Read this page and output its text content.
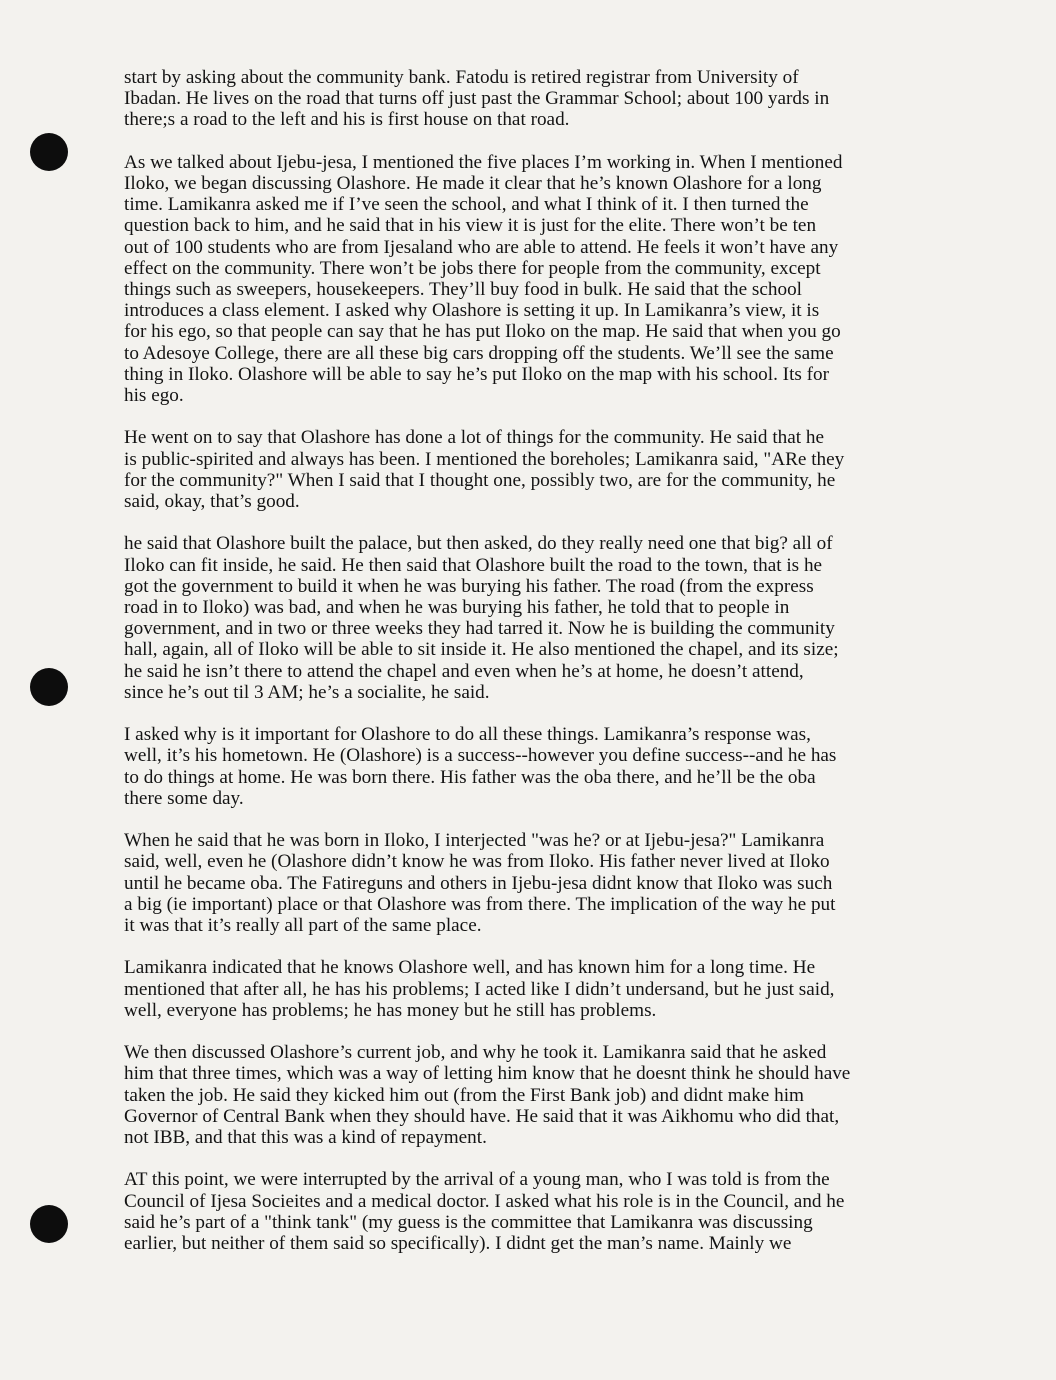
start by asking about the community bank. Fatodu is retired registrar from University of
Ibadan. He lives on the road that turns off just past the Grammar School; about 100 yards in
there;s a road to the left and his is first house on that road.

As we talked about Ijebu-jesa, I mentioned the five places I’m working in. When I mentioned
Iloko, we began discussing Olashore. He made it clear that he’s known Olashore for a long
time. Lamikanra asked me if I’ve seen the school, and what I think of it. I then turned the
question back to him, and he said that in his view it is just for the elite. There won’t be ten
out of 100 students who are from Ijesaland who are able to attend. He feels it won’t have any
effect on the community. There won’t be jobs there for people from the community, except
things such as sweepers, housekeepers. They’ll buy food in bulk. He said that the school
introduces a class element. I asked why Olashore is setting it up. In Lamikanra’s view, it is
for his ego, so that people can say that he has put Iloko on the map. He said that when you go
to Adesoye College, there are all these big cars dropping off the students. We’ll see the same
thing in Iloko. Olashore will be able to say he’s put Iloko on the map with his school. Its for
his ego.

He went on to say that Olashore has done a lot of things for the community. He said that he
is public-spirited and always has been. I mentioned the boreholes; Lamikanra said, "ARe they
for the community?" When I said that I thought one, possibly two, are for the community, he
said, okay, that’s good.

he said that Olashore built the palace, but then asked, do they really need one that big? all of
Iloko can fit inside, he said. He then said that Olashore built the road to the town, that is he
got the government to build it when he was burying his father. The road (from the express
road in to Iloko) was bad, and when he was burying his father, he told that to people in
government, and in two or three weeks they had tarred it. Now he is building the community
hall, again, all of Iloko will be able to sit inside it. He also mentioned the chapel, and its size;
he said he isn’t there to attend the chapel and even when he’s at home, he doesn’t attend,
since he’s out til 3 AM; he’s a socialite, he said.

I asked why is it important for Olashore to do all these things. Lamikanra’s response was,
well, it’s his hometown. He (Olashore) is a success--however you define success--and he has
to do things at home. He was born there. His father was the oba there, and he’ll be the oba
there some day.

When he said that he was born in Iloko, I interjected "was he? or at Ijebu-jesa?" Lamikanra
said, well, even he (Olashore didn’t know he was from Iloko. His father never lived at Iloko
until he became oba. The Fatireguns and others in Ijebu-jesa didnt know that Iloko was such
a big (ie important) place or that Olashore was from there. The implication of the way he put
it was that it’s really all part of the same place.

Lamikanra indicated that he knows Olashore well, and has known him for a long time. He
mentioned that after all, he has his problems; I acted like I didn’t undersand, but he just said,
well, everyone has problems; he has money but he still has problems.

We then discussed Olashore’s current job, and why he took it. Lamikanra said that he asked
him that three times, which was a way of letting him know that he doesnt think he should have
taken the job. He said they kicked him out (from the First Bank job) and didnt make him
Governor of Central Bank when they should have. He said that it was Aikhomu who did that,
not IBB, and that this was a kind of repayment.

AT this point, we were interrupted by the arrival of a young man, who I was told is from the
Council of Ijesa Socieites and a medical doctor. I asked what his role is in the Council, and he
said he’s part of a "think tank" (my guess is the committee that Lamikanra was discussing
earlier, but neither of them said so specifically). I didnt get the man’s name. Mainly we
